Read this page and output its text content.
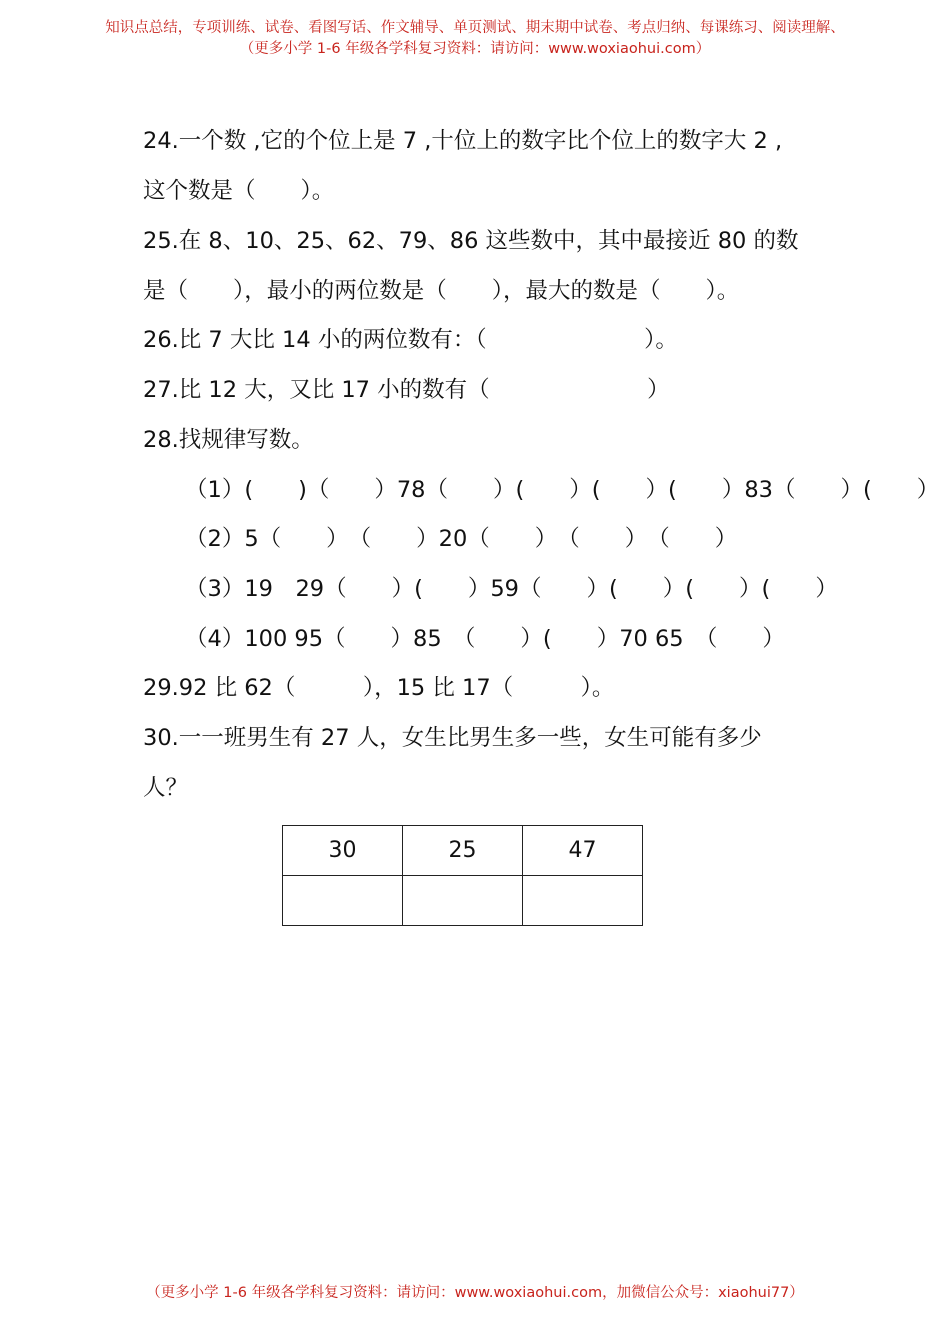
知识点总结，专项训练、试卷、看图写话、作文辅导、单页测试、期末期中试卷、考点归纳、每课练习、阅读理解、
（更多小学 1-6 年级各学科复习资料：请访问：www.woxiaohui.com）
24.一个数 ,它的个位上是 7 ,十位上的数字比个位上的数字大 2 ,
这个数是（　　）。
25.在 8、10、25、62、79、86 这些数中，其中最接近 80 的数
是（　　），最小的两位数是（　　），最大的数是（　　）。
26.比 7 大比 14 小的两位数有：（　　　　　　　）。
27.比 12 大，又比 17 小的数有（　　　　　　　）
28.找规律写数。
（1）(　　)（　　）78（　　）(　　）(　　）(　　）83（　　）(　　）
（2）5（　　）　（　　）20（　　）　（　　）　（　　）
（3）19　29（　　）(　　）59（　　）(　　）(　　）(　　）
（4）100 95（　　）85　（　　）(　　）70 65　（　　）
29.92 比 62（　　　），15 比 17（　　　）。
30.一一班男生有 27 人，女生比男生多一些，女生可能有多少
人？
30	25	47

（更多小学 1-6 年级各学科复习资料：请访问：www.woxiaohui.com，加微信公众号：xiaohui77）
